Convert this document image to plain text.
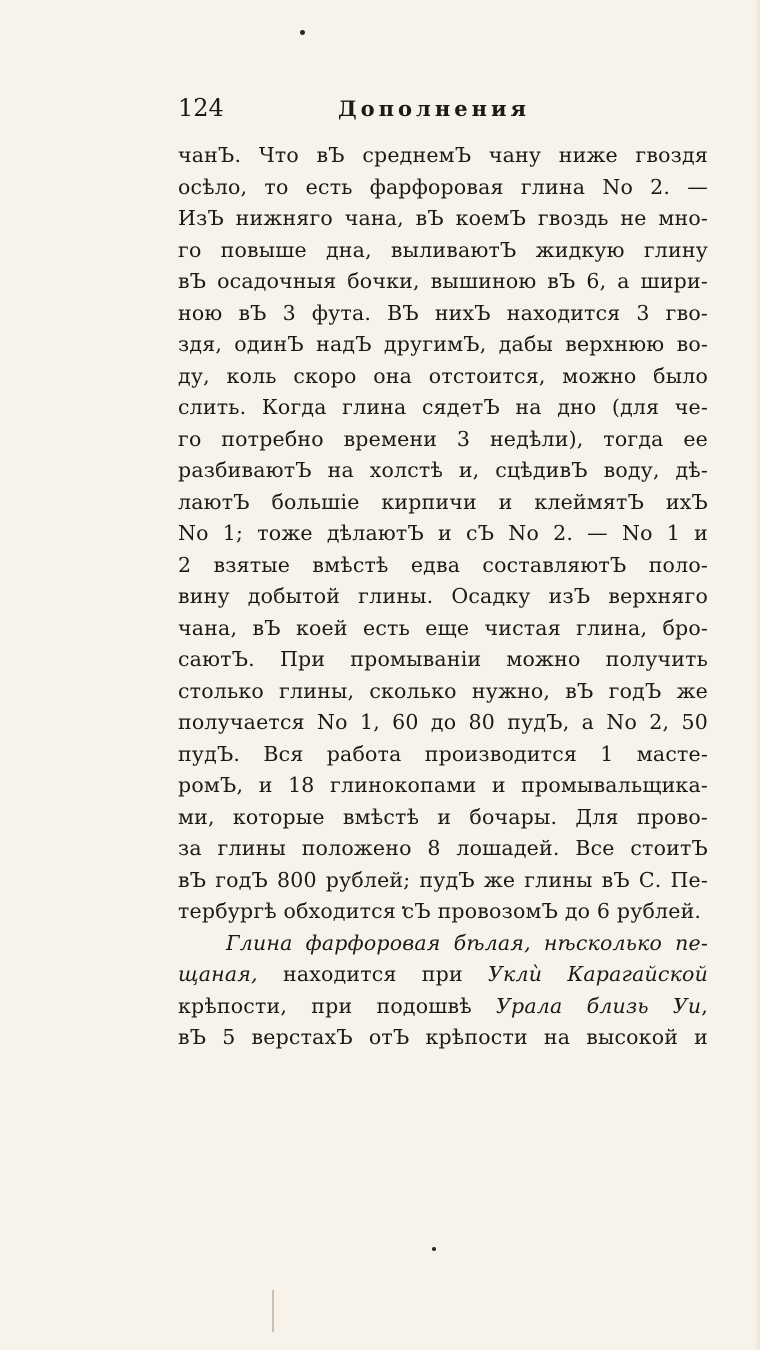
124	Дополнения
чанЪ. Что вЪ среднемЪ чану ниже гвоздя
осѣло, то есть фарфоровая глина No 2. —
ИзЪ нижняго чана, вЪ коемЪ гвоздь не мно-
го повыше дна, выливаютЪ жидкую глину
вЪ осадочныя бочки, вышиною вЪ 6, а шири-
ною вЪ 3 фута. ВЪ нихЪ находится 3 гво-
здя, одинЪ надЪ другимЪ, дабы верхнюю во-
ду, коль скоро она отстоится, можно было
слить. Когда глина сядетЪ на дно (для че-
го потребно времени 3 недѣли), тогда ее
разбиваютЪ на холстѣ и, сцѣдивЪ воду, дѣ-
лаютЪ большіе кирпичи и клеймятЪ ихЪ
No 1; тоже дѣлаютЪ и сЪ No 2. — No 1 и
2 взятые вмѣстѣ едва составляютЪ поло-
вину добытой глины. Осадку изЪ верхняго
чана, вЪ коей есть еще чистая глина, бро-
саютЪ. При промываніи можно получить
столько глины, сколько нужно, вЪ годЪ же
получается No 1, 60 до 80 пудЪ, а No 2, 50
пудЪ. Вся работа производится 1 масте-
ромЪ, и 18 глинокопами и промывальщика-
ми, которые вмѣстѣ и бочары. Для прово-
за глины положено 8 лошадей. Все стоитЪ
вЪ годЪ 800 рублей; пудЪ же глины вЪ С. Пе-
тербургѣ обходится сЪ провозомЪ до 6 рублей.
Глина фарфоровая бѣлая, нѣсколько пе-
щаная, находится при Уклѝ Карагайской
крѣпости, при подошвѣ Урала близь Уи,
вЪ 5 верстахЪ отЪ крѣпости на высокой и
